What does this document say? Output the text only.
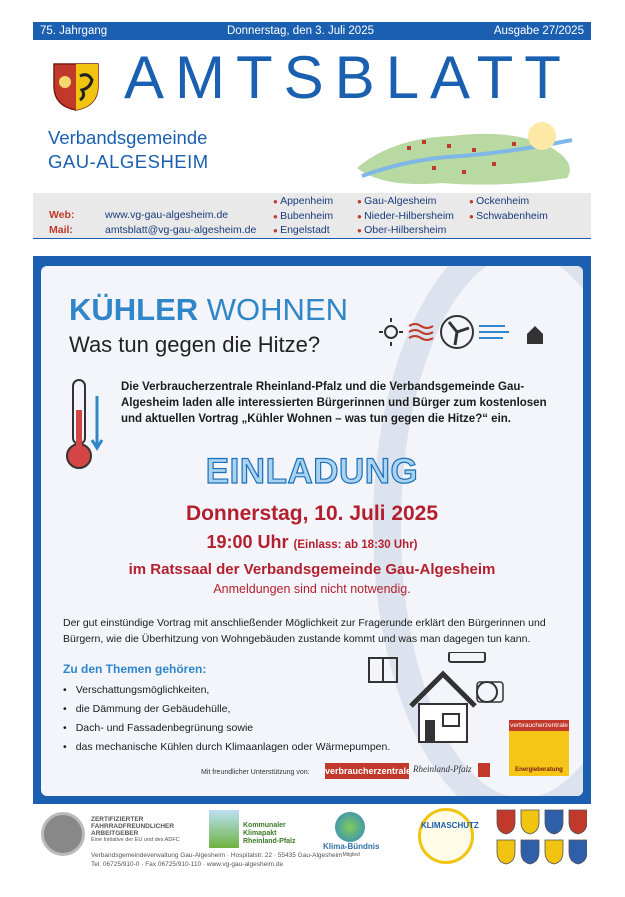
75. Jahrgang	Donnerstag, den 3. Juli 2025	Ausgabe 27/2025
AMTSBLATT
Verbandsgemeinde
GAU-ALGESHEIM
Web:	www.vg-gau-algesheim.de
Mail:	amtsblatt@vg-gau-algesheim.de
● Appenheim	● Gau-Algesheim	● Ockenheim
● Bubenheim	● Nieder-Hilbersheim	● Schwabenheim
● Engelstadt	● Ober-Hilbersheim
KÜHLER WOHNEN
Was tun gegen die Hitze?
Die Verbraucherzentrale Rheinland-Pfalz und die Verbandsgemeinde Gau-Algesheim laden alle interessierten Bürgerinnen und Bürger zum kostenlosen und aktuellen Vortrag „Kühler Wohnen – was tun gegen die Hitze?“ ein.
EINLADUNG
Donnerstag, 10. Juli 2025
19:00 Uhr (Einlass: ab 18:30 Uhr)
im Ratssaal der Verbandsgemeinde Gau-Algesheim
Anmeldungen sind nicht notwendig.
Der gut einstündige Vortrag mit anschließender Möglichkeit zur Fragerunde erklärt den Bürgerinnen und Bürgern, wie die Überhitzung von Wohngebäuden zustande kommt und was man dagegen tun kann.
Zu den Themen gehören:
• Verschattungsmöglichkeiten,
• die Dämmung der Gebäudehülle,
• Dach- und Fassadenbegrünung sowie
• das mechanische Kühlen durch Klimaanlagen oder Wärmepumpen.
verbraucherzentrale
Energieberatung
Mit freundlicher Unterstützung von: verbraucherzentrale Rheinland-Pfalz
ZERTIFIZIERTER
FAHRRADFREUNDLICHER
ARBEITGEBER
Eine Initiative der EU und des ADFC
Kommunaler
Klimapakt
Rheinland-Pfalz
Klima-Bündnis
Mitglied
KLIMASCHUTZ
Verbandsgemeindeverwaltung Gau-Algesheim · Hospitalstr. 22 · 55435 Gau-Algesheim
Tel. 06725/910-0 · Fax 06725/910-110 · www.vg-gau-algesheim.de
